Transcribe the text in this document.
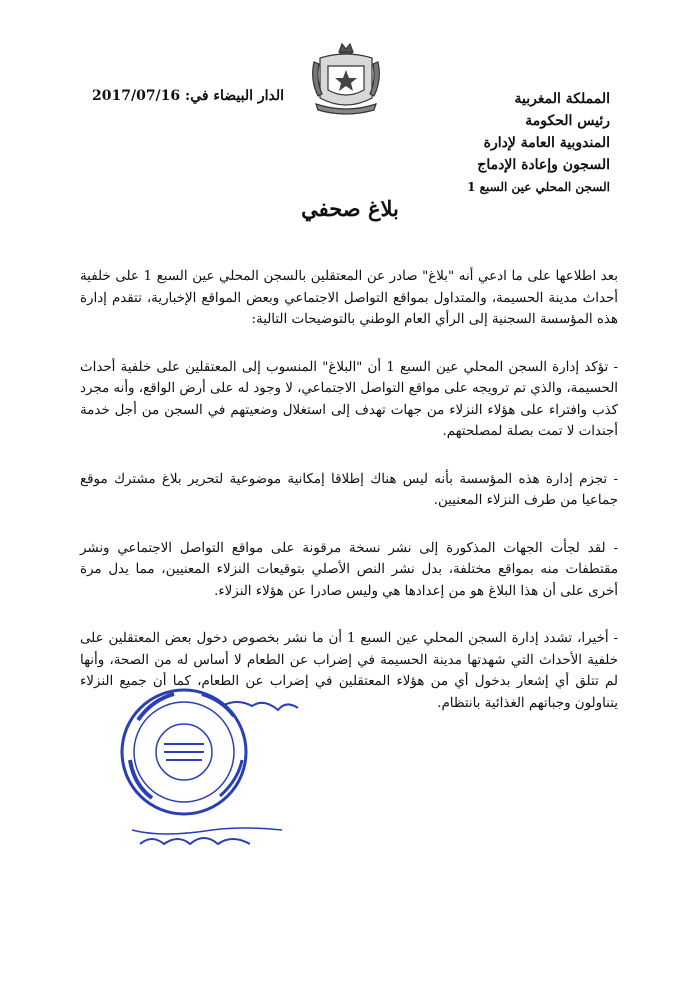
المملكة المغربية
رئيس الحكومة
المندوبية العامة لإدارة
السجون وإعادة الإدماج
السجن المحلي عين السبع 1
الدار البيضاء في: 2017/07/16
بلاغ صحفي

بعد اطلاعها على ما ادعي أنه "بلاغ" صادر عن المعتقلين بالسجن المحلي عين السبع 1 على خلفية أحداث مدينة الحسيمة، والمتداول بمواقع التواصل الاجتماعي وبعض المواقع الإخبارية، تتقدم إدارة هذه المؤسسة السجنية إلى الرأي العام الوطني بالتوضيحات التالية:

- تؤكد إدارة السجن المحلي عين السبع 1 أن "البلاغ" المنسوب إلى المعتقلين على خلفية أحداث الحسيمة، والذي تم ترويجه على مواقع التواصل الاجتماعي، لا وجود له على أرض الواقع، وأنه مجرد كذب وافتراء على هؤلاء النزلاء من جهات تهدف إلى استغلال وضعيتهم في السجن من أجل خدمة أجندات لا تمت بصلة لمصلحتهم.

- تجزم إدارة هذه المؤسسة بأنه ليس هناك إطلاقا إمكانية موضوعية لتحرير بلاغ مشترك موقع جماعيا من طرف النزلاء المعنيين.

- لقد لجأت الجهات المذكورة إلى نشر نسخة مرقونة على مواقع التواصل الاجتماعي ونشر مقتطفات منه بمواقع مختلفة، بدل نشر النص الأصلي بتوقيعات النزلاء المعنيين، مما يدل مرة أخرى على أن هذا البلاغ هو من إعدادها هي وليس صادرا عن هؤلاء النزلاء.

- أخيرا، تشدد إدارة السجن المحلي عين السبع 1 أن ما نشر بخصوص دخول بعض المعتقلين على خلفية الأحداث التي شهدتها مدينة الحسيمة في إضراب عن الطعام لا أساس له من الصحة، وأنها لم تتلق أي إشعار بدخول أي من هؤلاء المعتقلين في إضراب عن الطعام، كما أن جميع النزلاء يتناولون وجباتهم الغذائية بانتظام.
